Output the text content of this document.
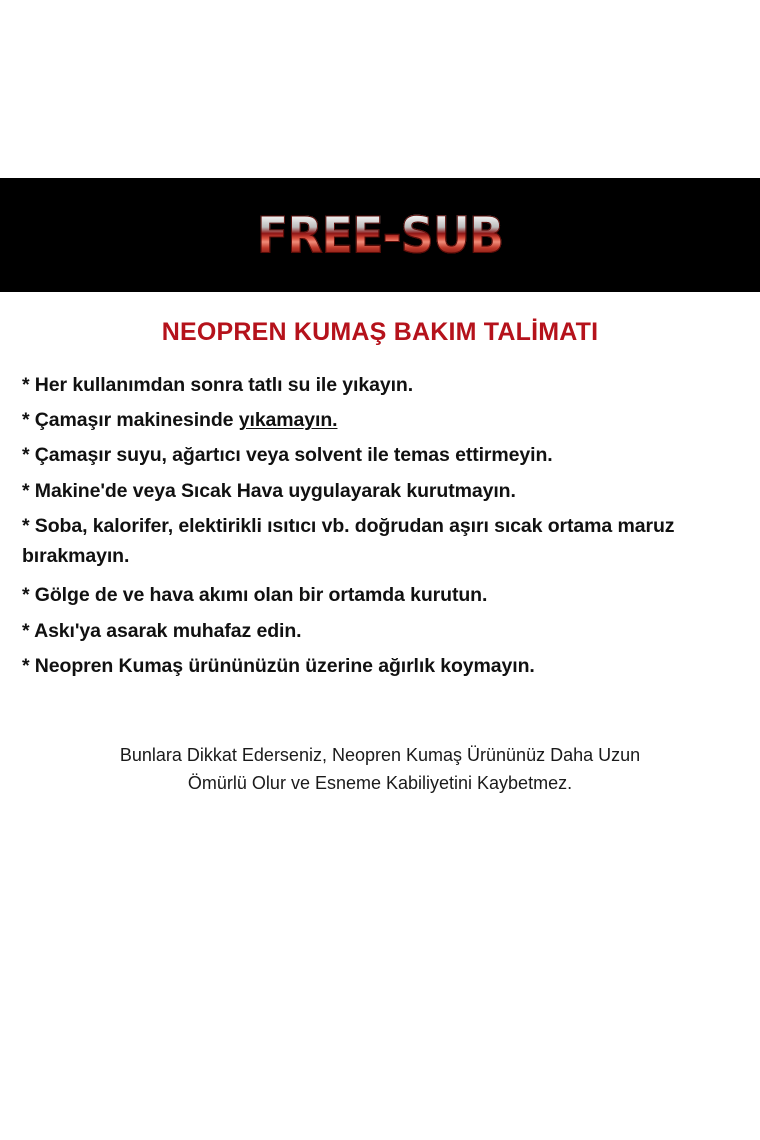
FREE-SUB
NEOPREN KUMAŞ BAKIM TALİMATI
* Her kullanımdan sonra tatlı su ile yıkayın.
* Çamaşır makinesinde yıkamayın.
* Çamaşır suyu, ağartıcı veya solvent ile temas ettirmeyin.
* Makine'de veya Sıcak Hava uygulayarak kurutmayın.
* Soba, kalorifer, elektirikli ısıtıcı vb. doğrudan aşırı sıcak ortama maruz bırakmayın.
* Gölge de ve hava akımı olan bir ortamda kurutun.
* Askı'ya asarak muhafaz edin.
* Neopren Kumaş ürününüzün üzerine ağırlık koymayın.
Bunlara Dikkat Ederseniz, Neopren Kumaş Ürününüz Daha Uzun
Ömürlü Olur ve Esneme Kabiliyetini Kaybetmez.
